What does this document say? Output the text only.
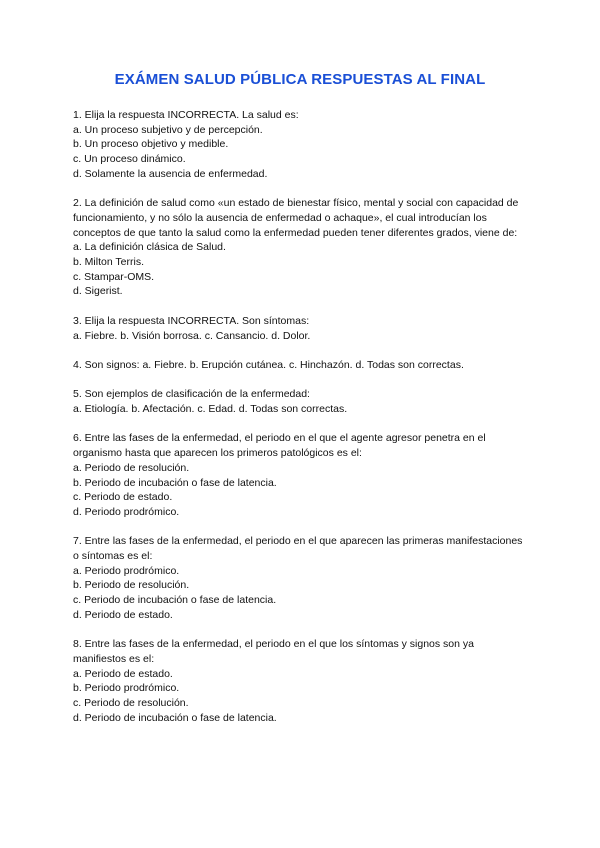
EXÁMEN SALUD PÚBLICA RESPUESTAS AL FINAL
1. Elija la respuesta INCORRECTA. La salud es:
a. Un proceso subjetivo y de percepción.
b. Un proceso objetivo y medible.
c. Un proceso dinámico.
d. Solamente la ausencia de enfermedad.
2. La definición de salud como «un estado de bienestar físico, mental y social con capacidad de funcionamiento, y no sólo la ausencia de enfermedad o achaque», el cual introducían los conceptos de que tanto la salud como la enfermedad pueden tener diferentes grados, viene de:
a. La definición clásica de Salud.
b. Milton Terris.
c. Stampar-OMS.
d. Sigerist.
3. Elija la respuesta INCORRECTA. Son síntomas:
a. Fiebre. b. Visión borrosa. c. Cansancio. d. Dolor.
4. Son signos: a. Fiebre. b. Erupción cutánea. c. Hinchazón. d. Todas son correctas.
5. Son ejemplos de clasificación de la enfermedad:
a. Etiología. b. Afectación. c. Edad. d. Todas son correctas.
6. Entre las fases de la enfermedad, el periodo en el que el agente agresor penetra en el organismo hasta que aparecen los primeros patológicos es el:
a. Periodo de resolución.
b. Periodo de incubación o fase de latencia.
c. Periodo de estado.
d. Periodo prodrómico.
7. Entre las fases de la enfermedad, el periodo en el que aparecen las primeras manifestaciones o síntomas es el:
a. Periodo prodrómico.
b. Periodo de resolución.
c. Periodo de incubación o fase de latencia.
d. Periodo de estado.
8. Entre las fases de la enfermedad, el periodo en el que los síntomas y signos son ya manifiestos es el:
a. Periodo de estado.
b. Periodo prodrómico.
c. Periodo de resolución.
d. Periodo de incubación o fase de latencia.
